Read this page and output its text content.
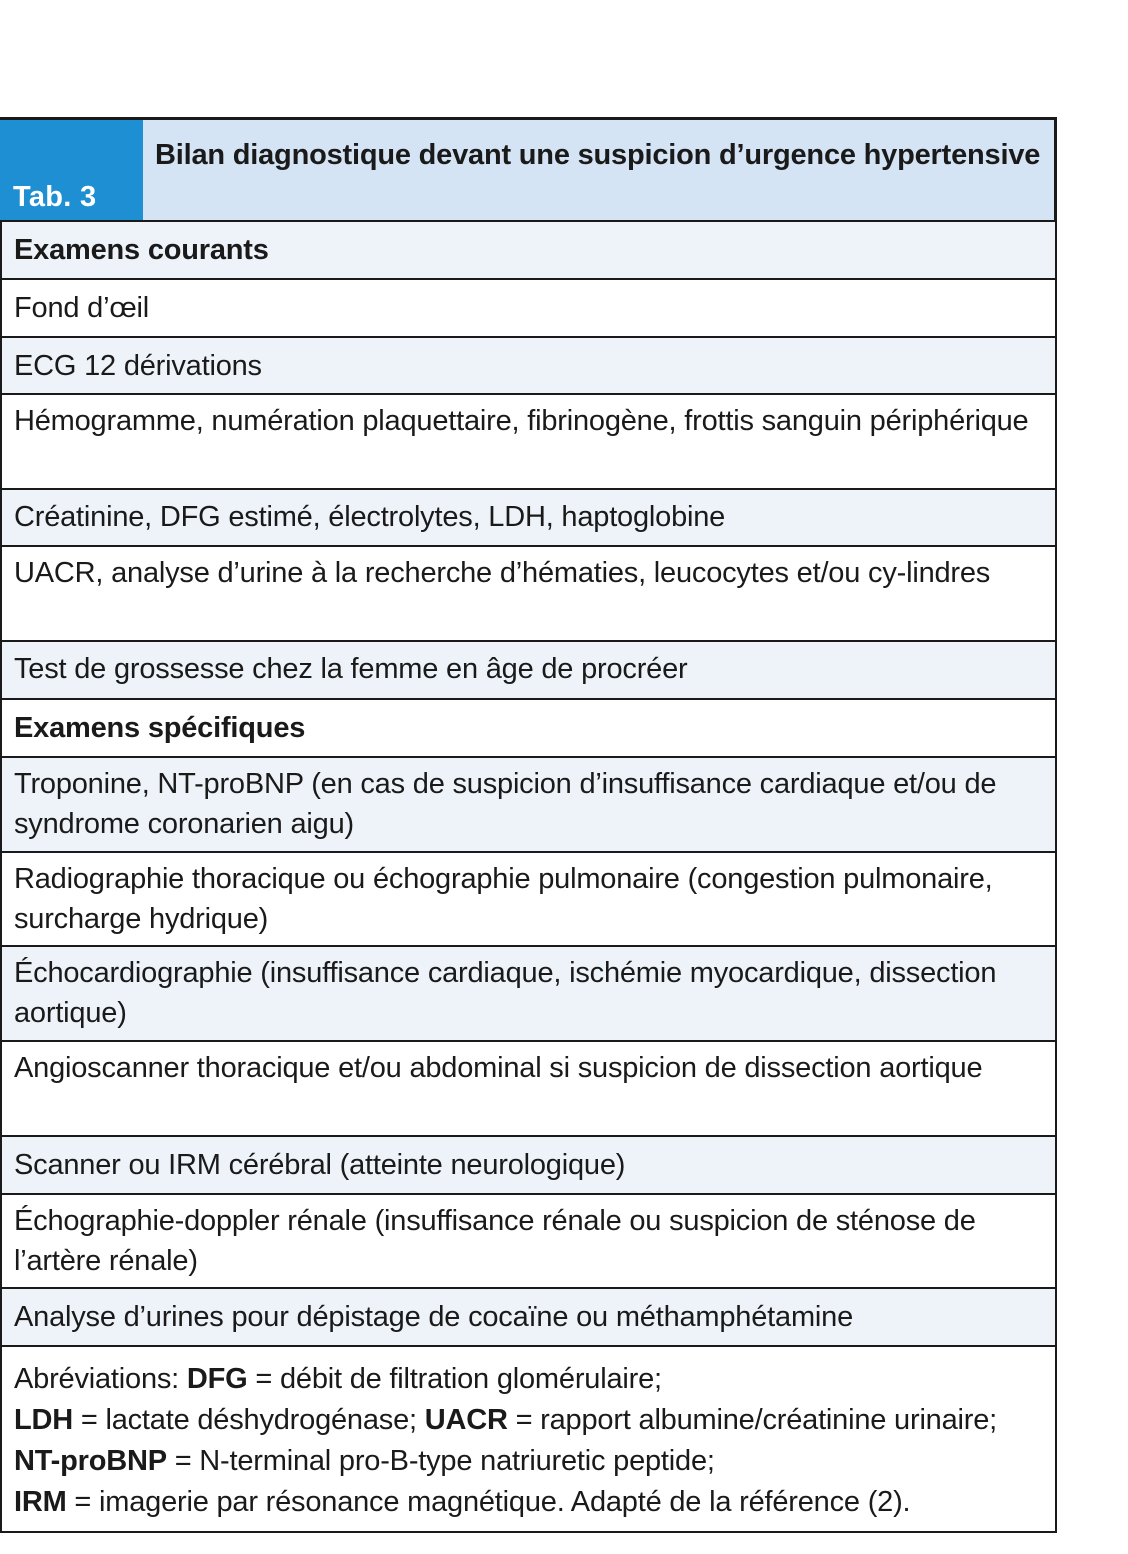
Tab. 3
Bilan diagnostique devant une suspicion d’urgence hypertensive
Examens courants
Fond d’œil
ECG 12 dérivations
Hémogramme, numération plaquettaire, fibrinogène, frottis sanguin périphérique
Créatinine, DFG estimé, électrolytes, LDH, haptoglobine
UACR, analyse d’urine à la recherche d’hématies, leucocytes et/ou cy-lindres
Test de grossesse chez la femme en âge de procréer
Examens spécifiques
Troponine, NT-proBNP (en cas de suspicion d’insuffisance cardiaque et/ou de syndrome coronarien aigu)
Radiographie thoracique ou échographie pulmonaire (congestion pulmonaire, surcharge hydrique)
Échocardiographie (insuffisance cardiaque, ischémie myocardique, dissection aortique)
Angioscanner thoracique et/ou abdominal si suspicion de dissection aortique
Scanner ou IRM cérébral (atteinte neurologique)
Échographie-doppler rénale (insuffisance rénale ou suspicion de sténose de l’artère rénale)
Analyse d’urines pour dépistage de cocaïne ou méthamphétamine
Abréviations: DFG = débit de filtration glomérulaire;
LDH = lactate déshydrogénase; UACR = rapport albumine/créatinine urinaire; NT-proBNP = N-terminal pro-B-type natriuretic peptide;
IRM = imagerie par résonance magnétique. Adapté de la référence (2).
